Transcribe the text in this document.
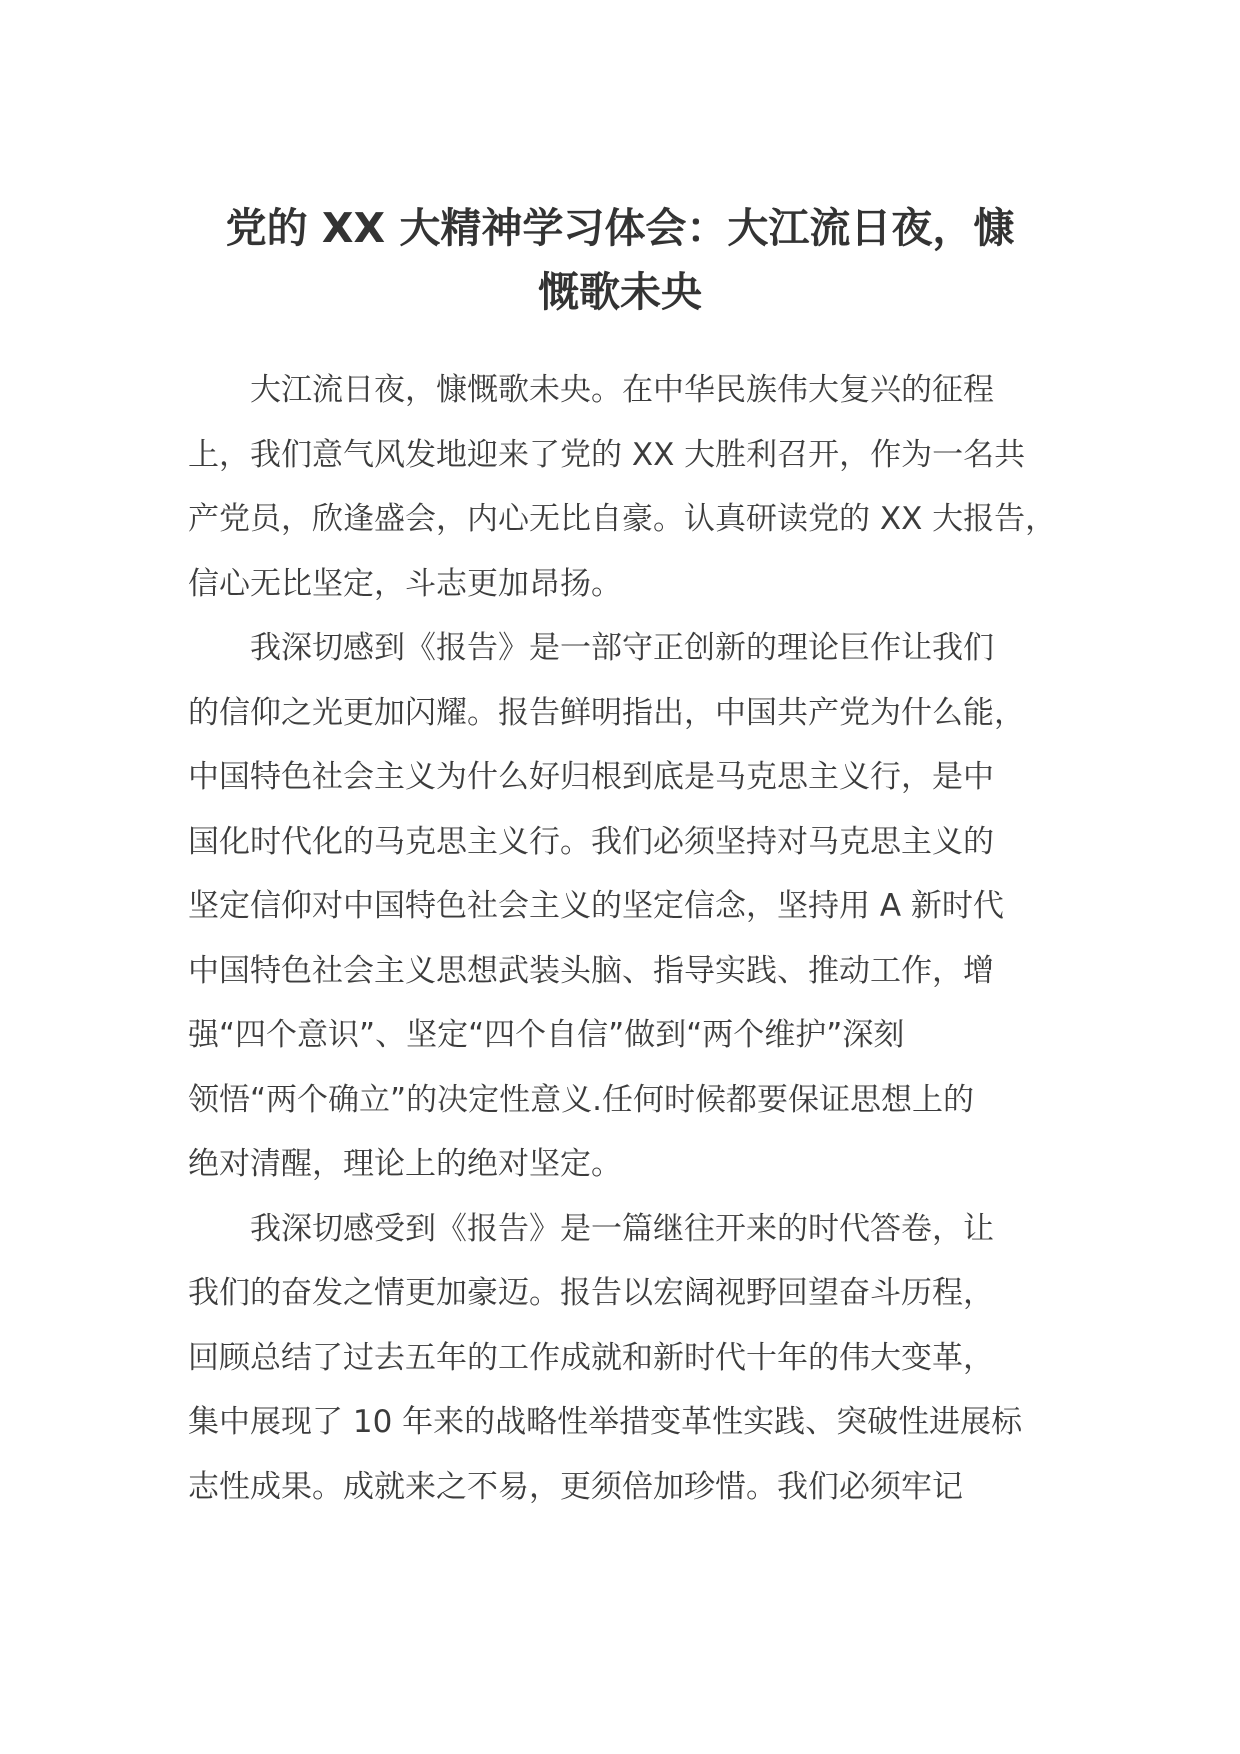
党的 XX 大精神学习体会：大江流日夜，慷
慨歌未央

大江流日夜，慷慨歌未央。在中华民族伟大复兴的征程
上，我们意气风发地迎来了党的 XX 大胜利召开，作为一名共
产党员，欣逢盛会，内心无比自豪。认真研读党的 XX 大报告，
信心无比坚定，斗志更加昂扬。

我深切感到《报告》是一部守正创新的理论巨作让我们
的信仰之光更加闪耀。报告鲜明指出，中国共产党为什么能，
中国特色社会主义为什么好归根到底是马克思主义行，是中
国化时代化的马克思主义行。我们必须坚持对马克思主义的
坚定信仰对中国特色社会主义的坚定信念，坚持用 A 新时代
中国特色社会主义思想武装头脑、指导实践、推动工作，增
强“四个意识”、坚定“四个自信”做到“两个维护”深刻
领悟“两个确立”的决定性意义.任何时候都要保证思想上的
绝对清醒，理论上的绝对坚定。

我深切感受到《报告》是一篇继往开来的时代答卷，让
我们的奋发之情更加豪迈。报告以宏阔视野回望奋斗历程，
回顾总结了过去五年的工作成就和新时代十年的伟大变革，
集中展现了 10 年来的战略性举措变革性实践、突破性进展标
志性成果。成就来之不易，更须倍加珍惜。我们必须牢记
